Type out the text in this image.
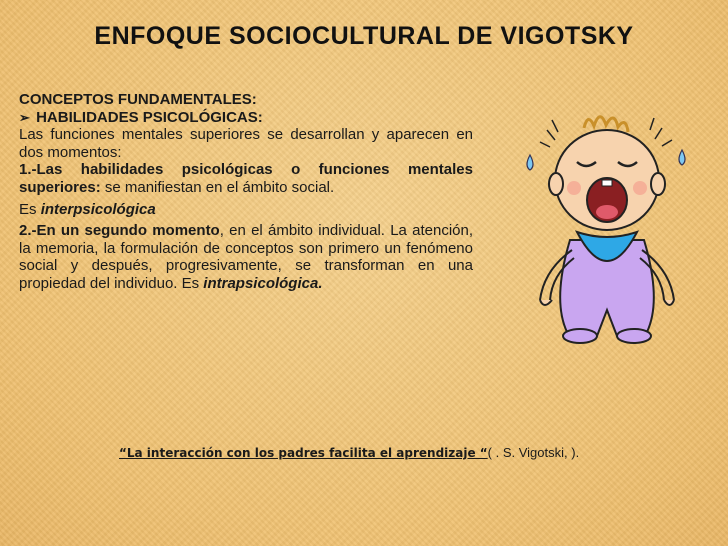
ENFOQUE SOCIOCULTURAL DE VIGOTSKY

CONCEPTOS FUNDAMENTALES:

➢ HABILIDADES PSICOLÓGICAS:

Las funciones mentales superiores se desarrollan y aparecen en dos momentos:

1.-Las habilidades psicológicas o funciones mentales superiores: se manifiestan en el ámbito social.

Es interpsicológica

2.-En un segundo momento, en el ámbito individual. La atención, la memoria, la formulación de conceptos son primero un fenómeno social y después, progresivamente, se transforman en una propiedad del individuo. Es intrapsicológica.

“La interacción con los padres facilita el aprendizaje “( . S. Vigotski, ).
